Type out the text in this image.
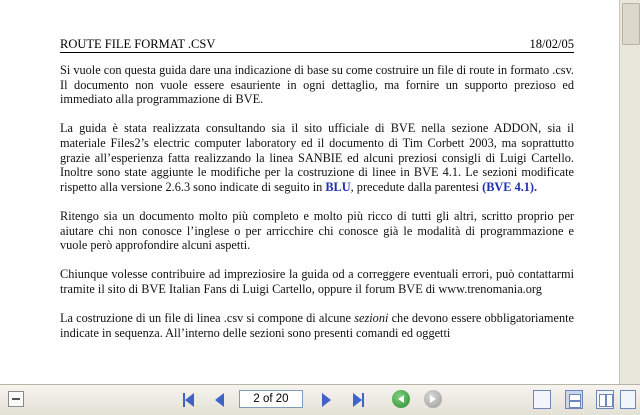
ROUTE FILE FORMAT .CSV	18/02/05

Si vuole con questa guida dare una indicazione di base su come costruire un file di route in formato .csv. Il documento non vuole essere esauriente in ogni dettaglio, ma fornire un supporto prezioso ed immediato alla programmazione di BVE.

La guida è stata realizzata consultando sia il sito ufficiale di BVE nella sezione ADDON, sia il materiale Files2’s electric computer laboratory ed il documento di Tim Corbett 2003, ma soprattutto grazie all’esperienza fatta realizzando la linea SANBIE ed alcuni preziosi consigli di Luigi Cartello. Inoltre sono state aggiunte le modifiche per la costruzione di linee in BVE 4.1. Le sezioni modificate rispetto alla versione 2.6.3 sono indicate di seguito in BLU, precedute dalla parentesi (BVE 4.1).

Ritengo sia un documento molto più completo e molto più ricco di tutti gli altri, scritto proprio per aiutare chi non conosce l’inglese o per arricchire chi conosce già le modalità di programmazione e vuole però approfondire alcuni aspetti.

Chiunque volesse contribuire ad impreziosire la guida od a correggere eventuali errori, può contattarmi tramite il sito di BVE Italian Fans di Luigi Cartello, oppure il forum BVE di www.trenomania.org

La costruzione di un file di linea .csv si compone di alcune sezioni che devono essere obbligatoriamente indicate in sequenza. All’interno delle sezioni sono presenti comandi ed oggetti

2 of 20
